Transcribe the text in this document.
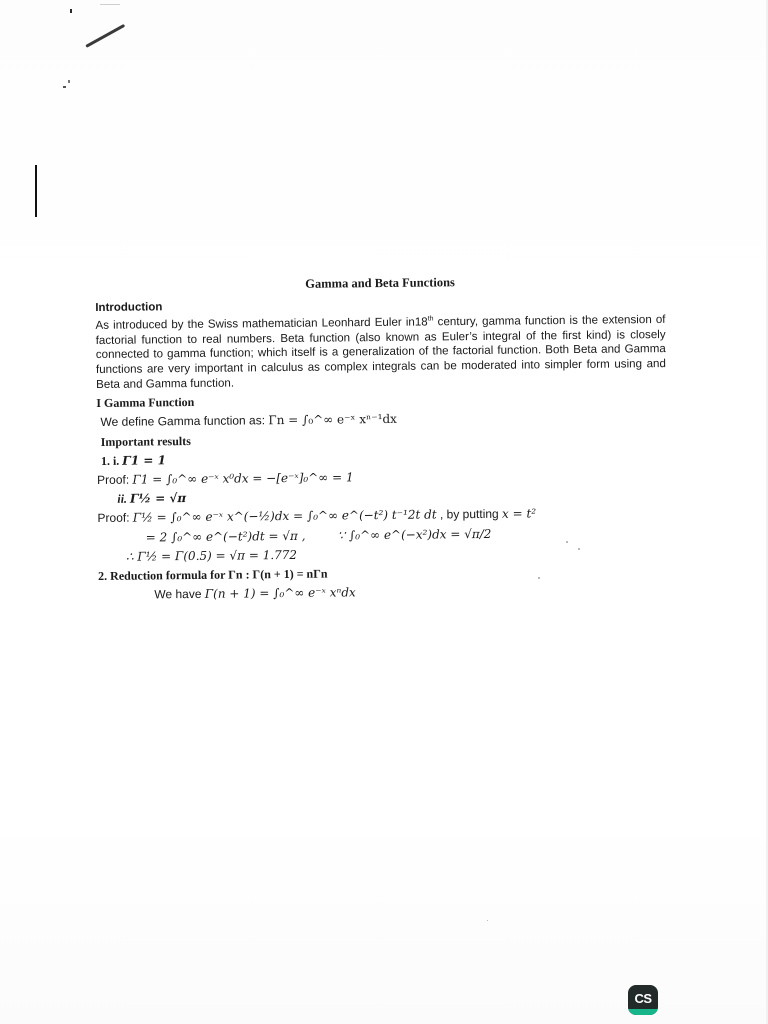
Gamma and Beta Functions
Introduction

As introduced by the Swiss mathematician Leonhard Euler in18th century, gamma function is the extension of factorial function to real numbers. Beta function (also known as Euler’s integral of the first kind) is closely connected to gamma function; which itself is a generalization of the factorial function. Both Beta and Gamma functions are very important in calculus as complex integrals can be moderated into simpler form using and Beta and Gamma function.

I Gamma Function
We define Gamma function as: Γn = ∫₀^∞ e⁻ˣ xⁿ⁻¹dx
Important results
1. i. Γ1 = 1
Proof: Γ1 = ∫₀^∞ e⁻ˣ x⁰dx = −[e⁻ˣ]₀^∞ = 1
ii. Γ½ = √π
Proof: Γ½ = ∫₀^∞ e⁻ˣ x^(−½)dx = ∫₀^∞ e^(−t²) t⁻¹2t dt , by putting x = t²
= 2 ∫₀^∞ e^(−t²)dt = √π ,	∵ ∫₀^∞ e^(−x²)dx = √π/2
∴ Γ½ = Γ(0.5) = √π = 1.772
2. Reduction formula for Γn : Γ(n + 1) = nΓn
We have Γ(n + 1) = ∫₀^∞ e⁻ˣ xⁿdx
CS
